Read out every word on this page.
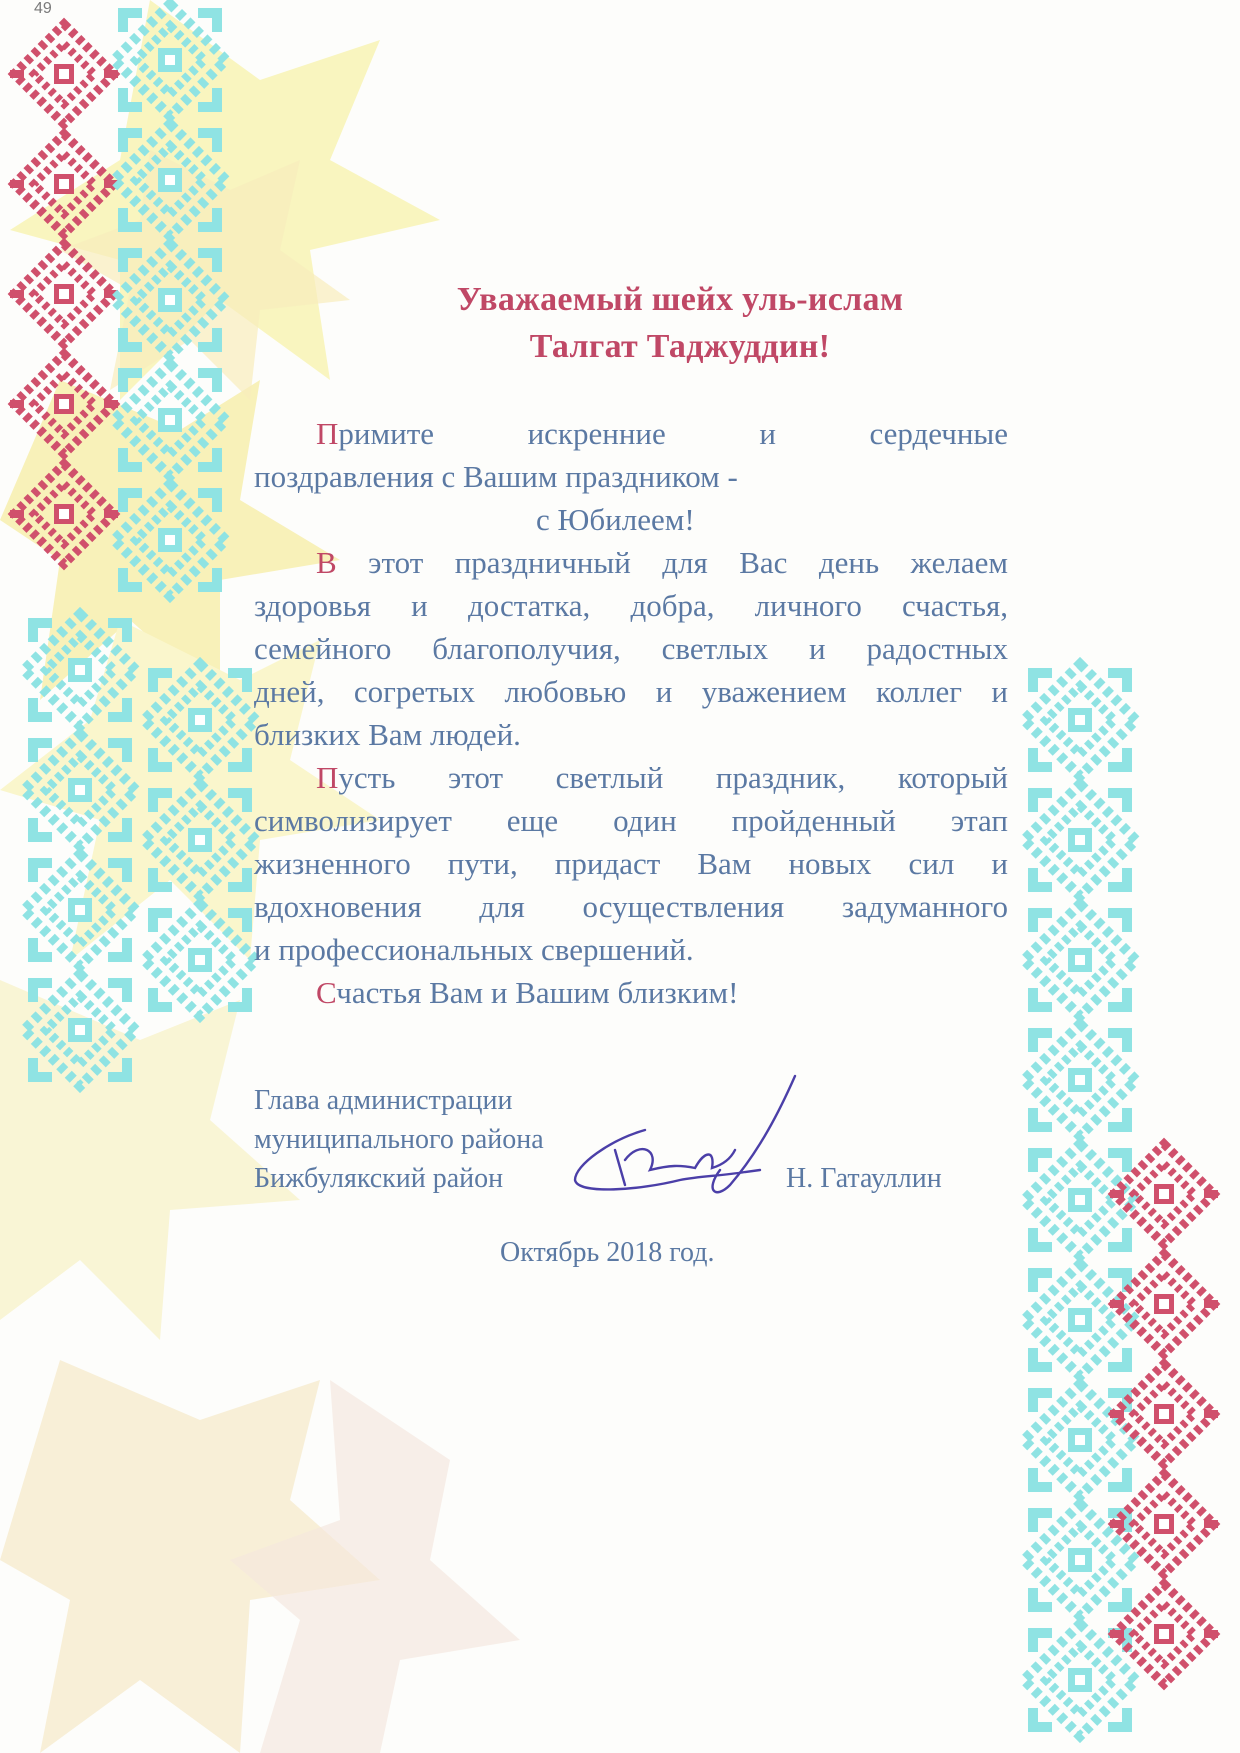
49
Уважаемый шейх уль-ислам
Талгат Таджуддин!
Примите	искренние	и	сердечные
поздравления с Вашим праздником -
с Юбилеем!
В этот праздничный для Вас день желаем
здоровья и достатка, добра, личного счастья,
семейного благополучия, светлых и радостных
дней, согретых любовью и уважением коллег и
близких Вам людей.
Пусть этот светлый праздник, который
символизирует еще один пройденный этап
жизненного пути, придаст Вам новых сил и
вдохновения для осуществления задуманного
и профессиональных свершений.
Счастья Вам и Вашим близким!
Глава администрации
муниципального района
Бижбулякский район	Н. Гатауллин
Октябрь 2018 год.
